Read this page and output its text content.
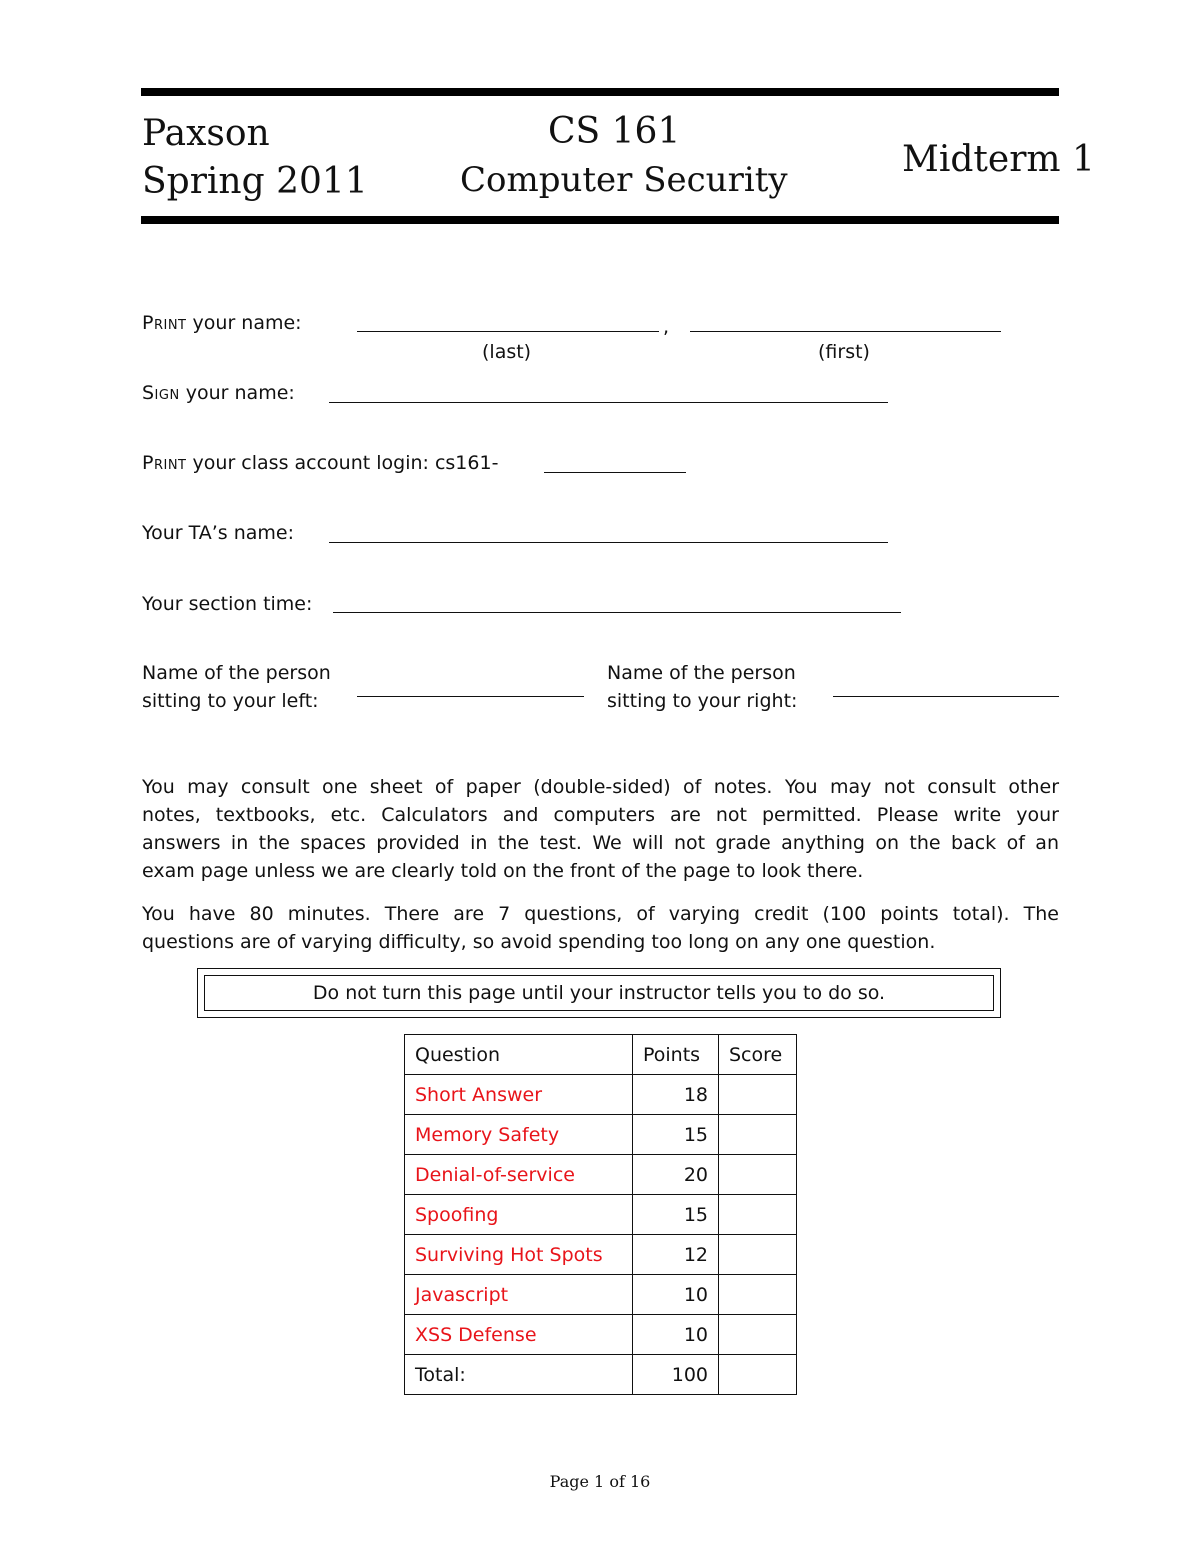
Paxson
Spring 2011
CS 161
Computer Security	Midterm 1
Print your name:	,
(last)	(first)
Sign your name:
Print your class account login: cs161-
Your TA’s name:
Your section time:
Name of the person
sitting to your left:
Name of the person
sitting to your right:
You may consult one sheet of paper (double-sided) of notes. You may not consult other
notes, textbooks, etc. Calculators and computers are not permitted. Please write your
answers in the spaces provided in the test. We will not grade anything on the back of an
exam page unless we are clearly told on the front of the page to look there.
You have 80 minutes. There are 7 questions, of varying credit (100 points total). The
questions are of varying difficulty, so avoid spending too long on any one question.
Do not turn this page until your instructor tells you to do so.
Question	Points	Score
Short Answer	18	
Memory Safety	15	
Denial-of-service	20	
Spoofing	15	
Surviving Hot Spots	12	
Javascript	10	
XSS Defense	10	
Total:	100	
Page 1 of 16
